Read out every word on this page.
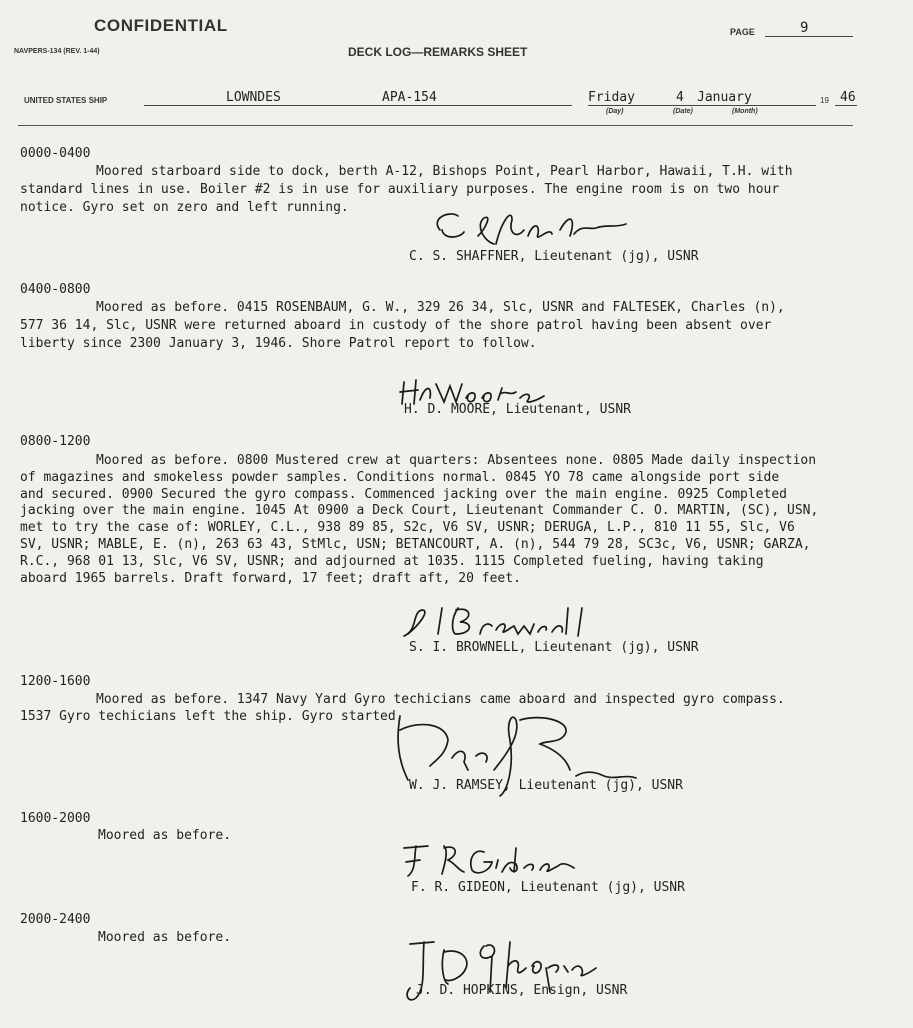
CONFIDENTIAL	PAGE	9
NAVPERS-134 (REV. 1-44)	DECK LOG—REMARKS SHEET
UNITED STATES SHIP	LOWNDES	APA-154	Friday	4 January
(Day)	(Date)	(Month)
19 46
0000-0400
Moored starboard side to dock, berth A-12, Bishops Point, Pearl Harbor, Hawaii, T.H. with
standard lines in use. Boiler #2 is in use for auxiliary purposes. The engine room is on two hour
notice. Gyro set on zero and left running.
C. S. SHAFFNER, Lieutenant (jg), USNR
0400-0800
Moored as before. 0415 ROSENBAUM, G. W., 329 26 34, Slc, USNR and FALTESEK, Charles (n),
577 36 14, Slc, USNR were returned aboard in custody of the shore patrol having been absent over
liberty since 2300 January 3, 1946. Shore Patrol report to follow.
H. D. MOORE, Lieutenant, USNR
0800-1200
Moored as before. 0800 Mustered crew at quarters: Absentees none. 0805 Made daily inspection
of magazines and smokeless powder samples. Conditions normal. 0845 YO 78 came alongside port side
and secured. 0900 Secured the gyro compass. Commenced jacking over the main engine. 0925 Completed
jacking over the main engine. 1045 At 0900 a Deck Court, Lieutenant Commander C. O. MARTIN, (SC), USN,
met to try the case of: WORLEY, C.L., 938 89 85, S2c, V6 SV, USNR; DERUGA, L.P., 810 11 55, Slc, V6
SV, USNR; MABLE, E. (n), 263 63 43, StMlc, USN; BETANCOURT, A. (n), 544 79 28, SC3c, V6, USNR; GARZA,
R.C., 968 01 13, Slc, V6 SV, USNR; and adjourned at 1035. 1115 Completed fueling, having taking
aboard 1965 barrels. Draft forward, 17 feet; draft aft, 20 feet.
S. I. BROWNELL, Lieutenant (jg), USNR
1200-1600
Moored as before. 1347 Navy Yard Gyro techicians came aboard and inspected gyro compass.
1537 Gyro techicians left the ship. Gyro started.
W. J. RAMSEY, Lieutenant (jg), USNR
1600-2000
Moored as before.
F. R. GIDEON, Lieutenant (jg), USNR
2000-2400
Moored as before.
J. D. HOPKINS, Ensign, USNR
